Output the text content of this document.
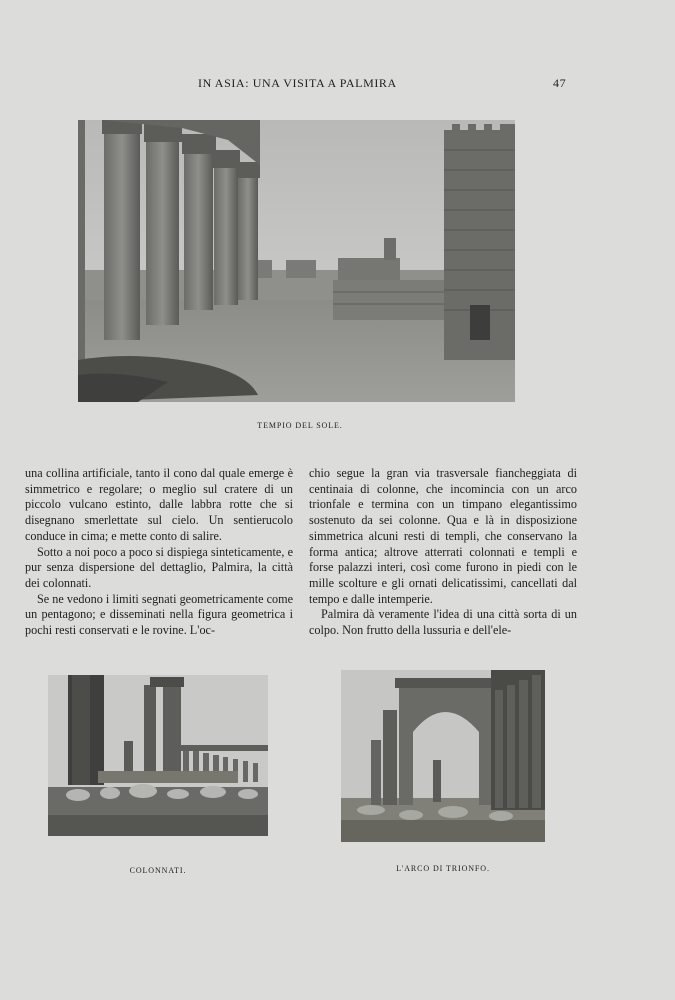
IN ASIA: UNA VISITA A PALMIRA	47
TEMPIO DEL SOLE.

una collina artificiale, tanto il cono dal quale emerge è simmetrico e regolare; o meglio sul cratere di un piccolo vulcano estinto, dalle labbra rotte che si disegnano smerlettate sul cielo. Un sentierucolo conduce in cima; e mette conto di salire.

Sotto a noi poco a poco si dispiega sinteticamente, e pur senza dispersione del dettaglio, Palmira, la città dei colonnati.

Se ne vedono i limiti segnati geometricamente come un pentagono; e disseminati nella figura geometrica i pochi resti conservati e le rovine. L'oc-

chio segue la gran via trasversale fiancheggiata di centinaia di colonne, che incomincia con un arco trionfale e termina con un timpano elegantissimo sostenuto da sei colonne. Qua e là in disposizione simmetrica alcuni resti di templi, che conservano la forma antica; altrove atterrati colonnati e templi e forse palazzi interi, così come furono in piedi con le mille scolture e gli ornati delicatissimi, cancellati dal tempo e dalle intemperie.

Palmira dà veramente l'idea di una città sorta di un colpo. Non frutto della lussuria e dell'ele-

COLONNATI.	L'ARCO DI TRIONFO.
